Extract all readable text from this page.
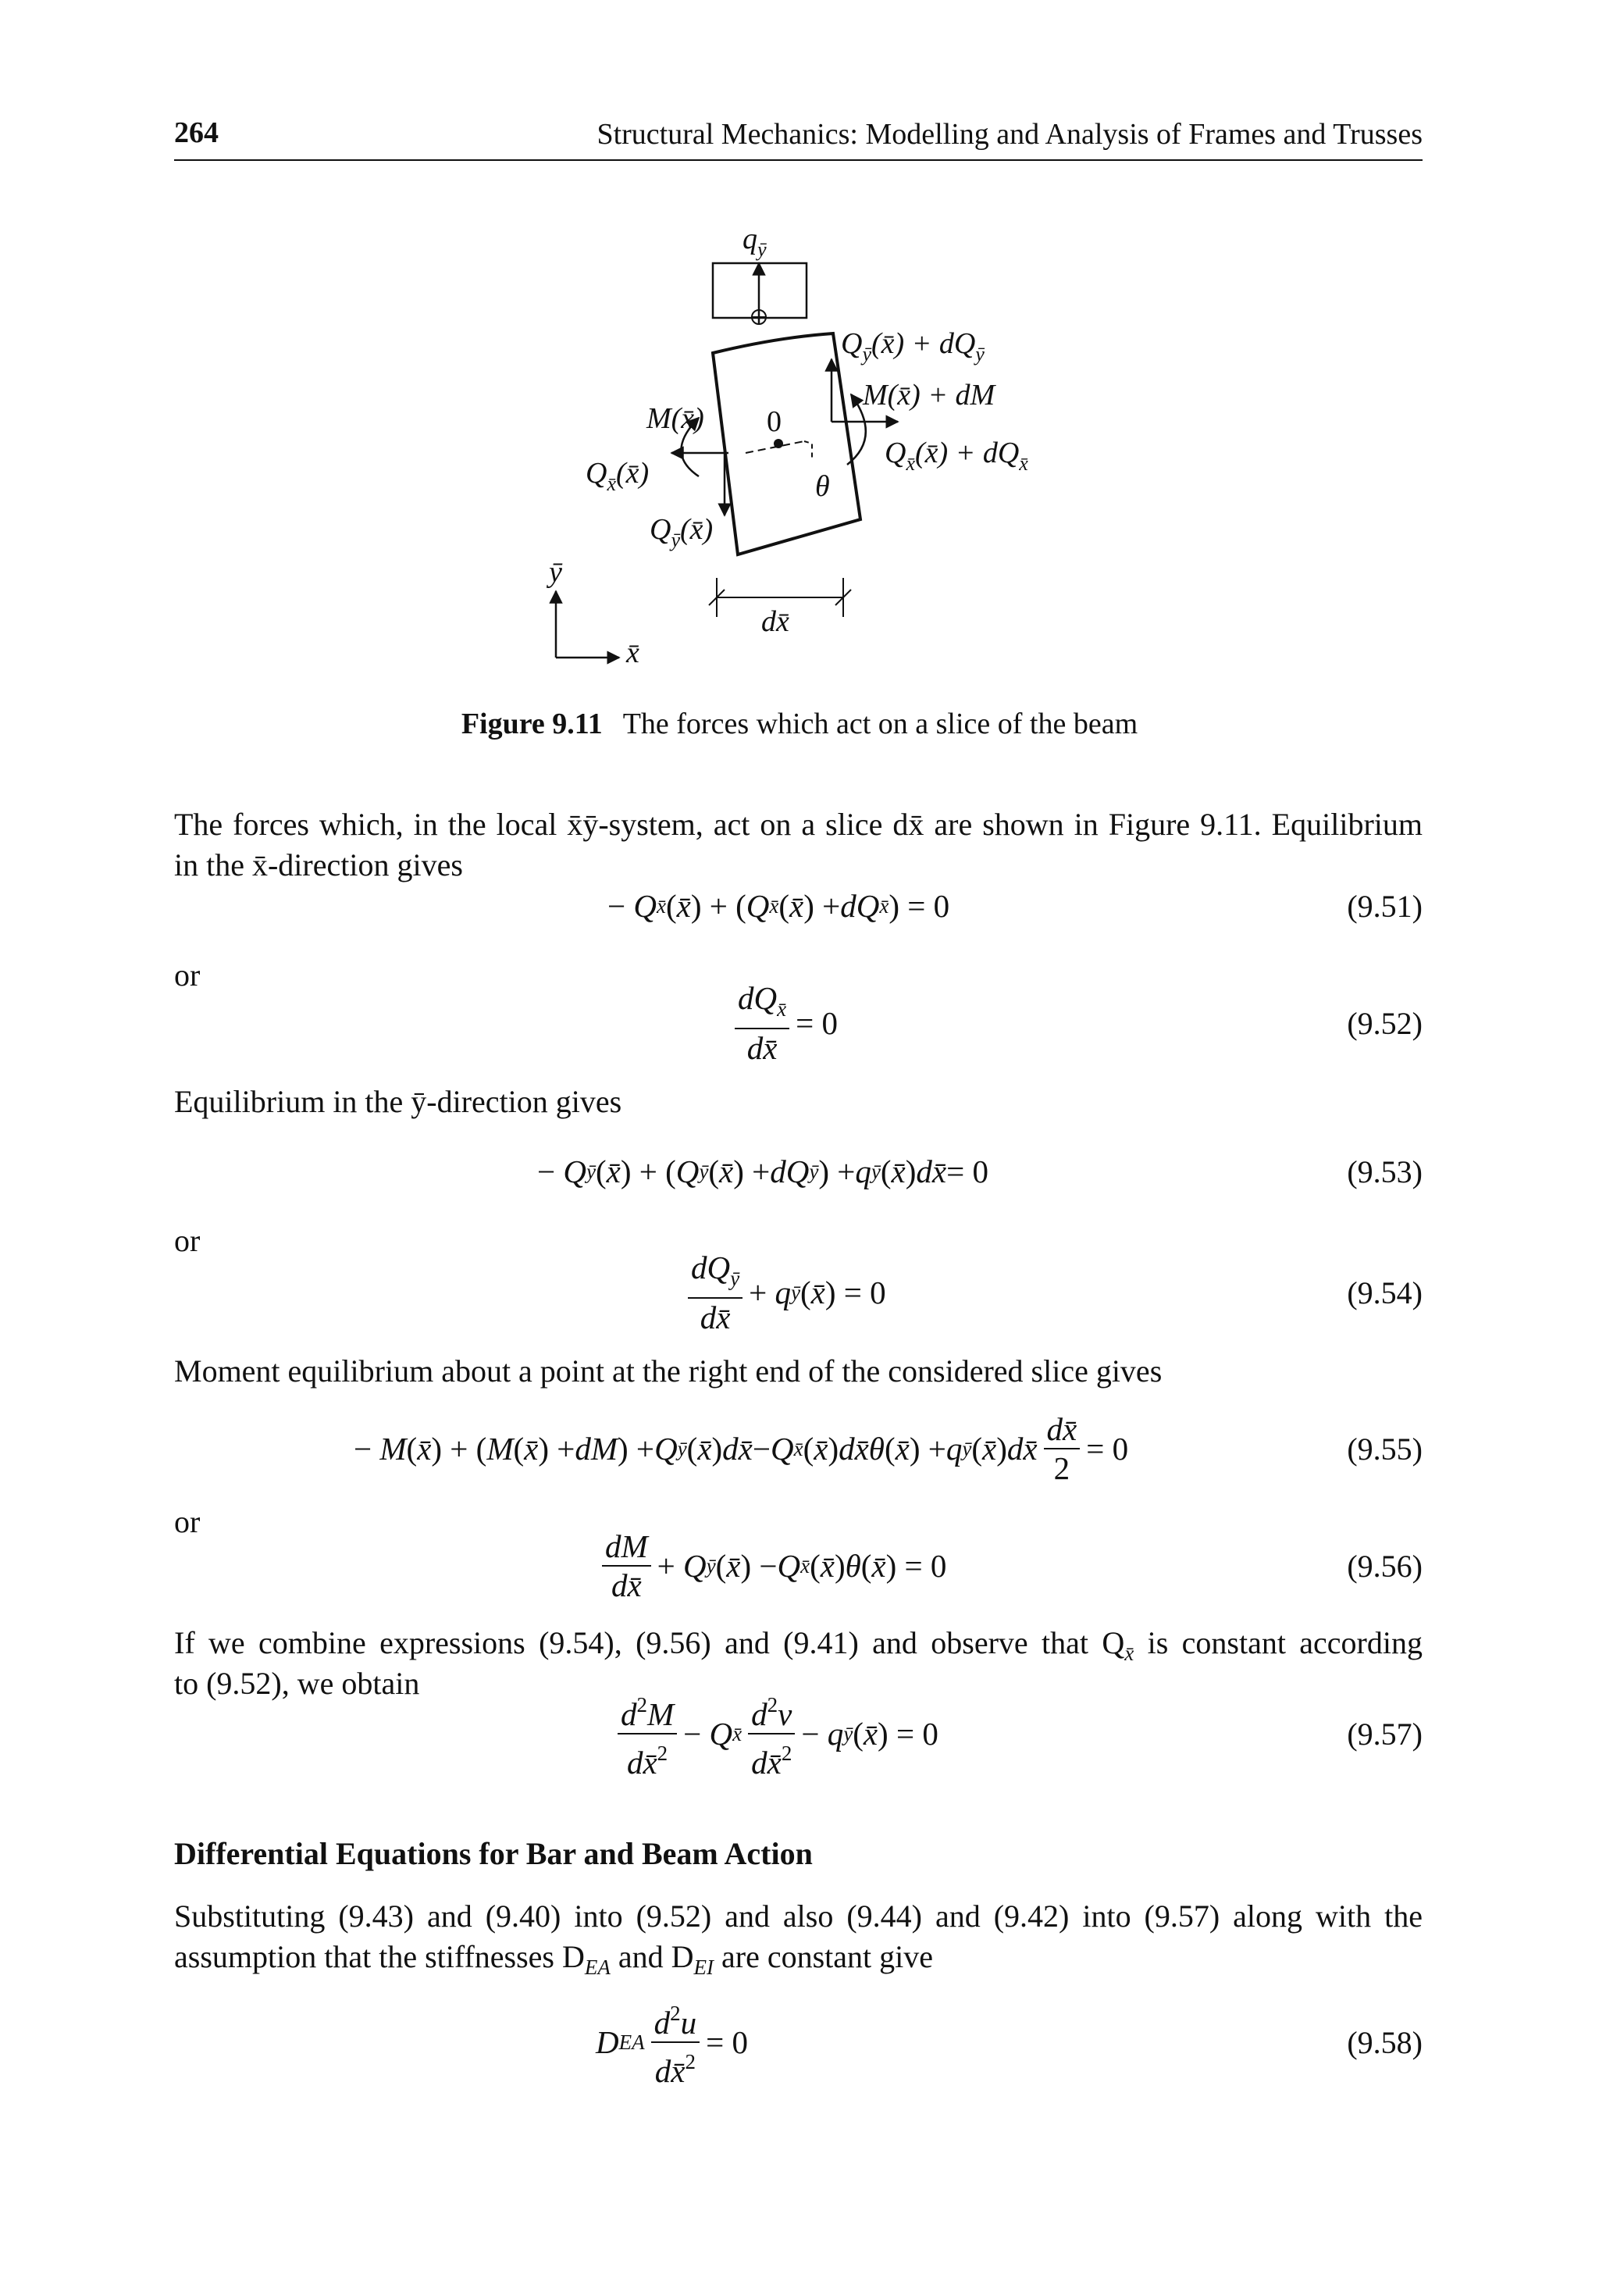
264	Structural Mechanics: Modelling and Analysis of Frames and Trusses
$q_ȳ$
$Q_ȳ(x̄) + dQ_ȳ$
M(x̄) + dM
$Q_{x̄}(x̄) + dQ_{x̄}$
M(x̄)
$Q_{x̄}(x̄)$
$Q_ȳ(x̄)$
0
θ
dx̄
ȳ
x̄
Figure 9.11 The forces which act on a slice of the beam
The forces which, in the local x̄ȳ-system, act on a slice dx̄ are shown in Figure 9.11. Equilibrium
in the x̄-direction gives
− Q x̄ ( x̄ ) + ( Q x̄ ( x̄ ) + dQ x̄ ) = 0	(9.51)
or
$dQ_{x̄}$
dx̄
= 0	(9.52)
Equilibrium in the ȳ-direction gives
− Q ȳ ( x̄ ) + ( Q ȳ ( x̄ ) + dQ ȳ ) + q ȳ ( x̄ ) dx̄ = 0	(9.53)
or
$dQ_ȳ$
dx̄
+ q ȳ ( x̄ ) = 0	(9.54)
Moment equilibrium about a point at the right end of the considered slice gives
− M ( x̄ ) + ( M ( x̄ ) + dM ) + Q ȳ ( x̄ ) dx̄ − Q x̄ ( x̄ ) dx̄θ ( x̄ ) + q ȳ ( x̄ ) dx̄
dx̄
2
= 0	(9.55)
or
dM
dx̄
+ Q ȳ ( x̄ ) − Q x̄ ( x̄ ) θ ( x̄ ) = 0	(9.56)
If we combine expressions (9.54), (9.56) and (9.41) and observe that $Q_{x̄}$ is constant according
to (9.52), we obtain
$d^2M$
dx̄$^2$
− Q x̄
$d^2v$
dx̄$^2$
− q ȳ ( x̄ ) = 0	(9.57)
Differential Equations for Bar and Beam Action
Substituting (9.43) and (9.40) into (9.52) and also (9.44) and (9.42) into (9.57) along with the
assumption that the stiffnesses $D_{EA}$ and $D_{EI}$ are constant give
D EA
$d^2u$
dx̄$^2$
= 0	(9.58)
